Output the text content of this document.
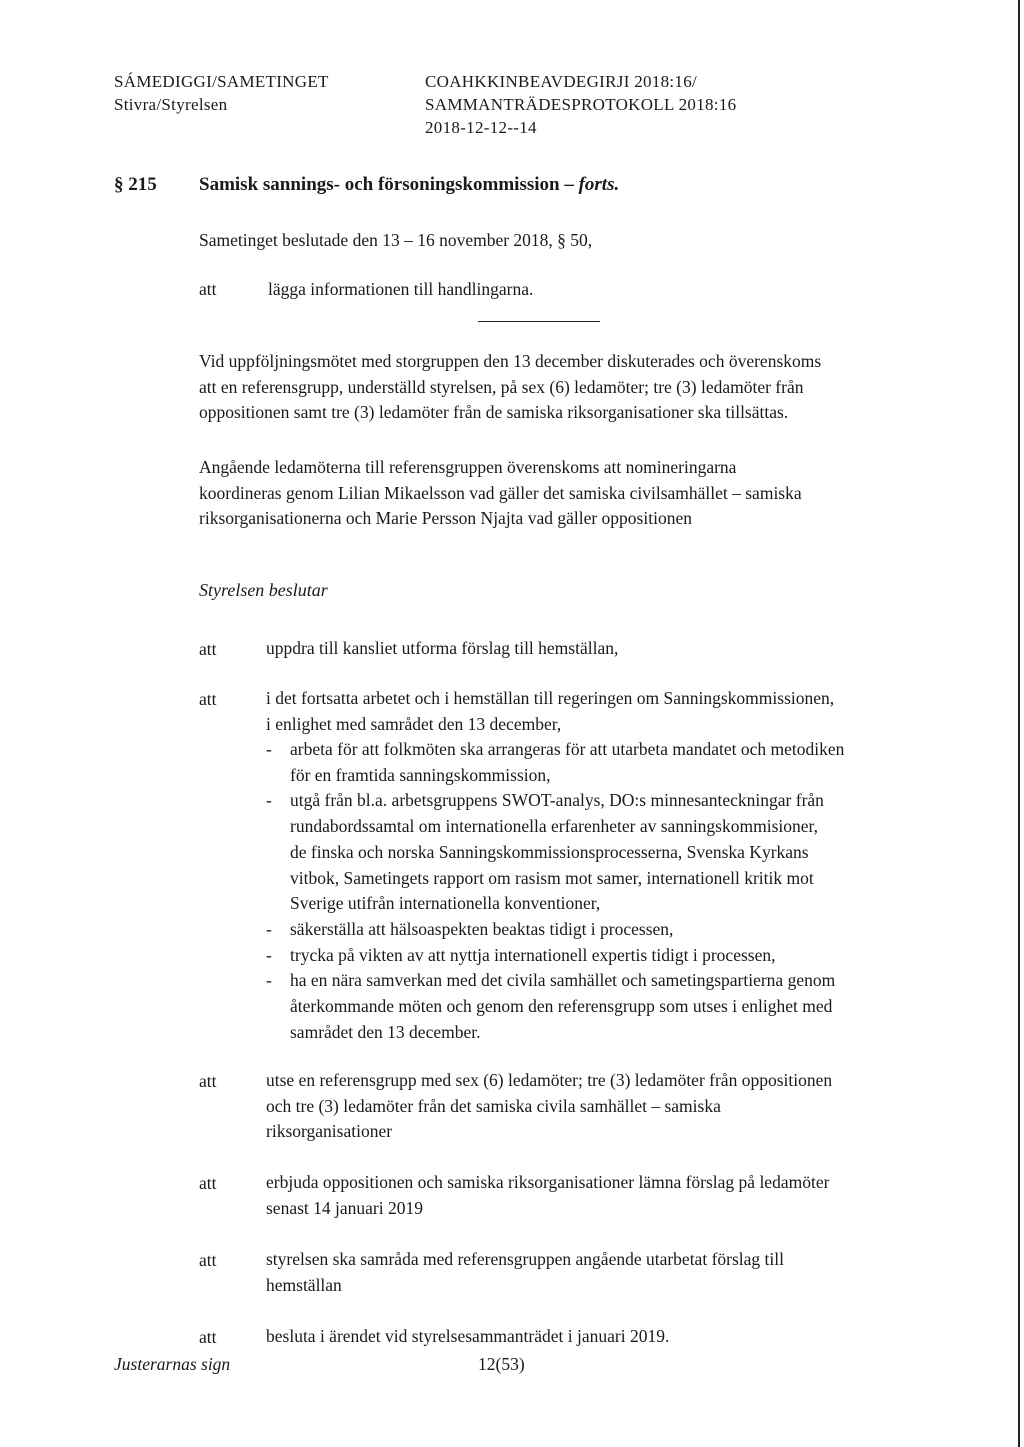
SÁMEDIGGI/SAMETINGET
Stivra/Styrelsen
COAHKKINBEAVDEGIRJI 2018:16/
SAMMANTRÄDESPROTOKOLL 2018:16
2018-12-12--14
§ 215 Samisk sannings- och försoningskommission – forts.
Sametinget beslutade den 13 – 16 november 2018, § 50,
att	lägga informationen till handlingarna.
Vid uppföljningsmötet med storgruppen den 13 december diskuterades och överenskoms
att en referensgrupp, underställd styrelsen, på sex (6) ledamöter; tre (3) ledamöter från
oppositionen samt tre (3) ledamöter från de samiska riksorganisationer ska tillsättas.
Angående ledamöterna till referensgruppen överenskoms att nomineringarna
koordineras genom Lilian Mikaelsson vad gäller det samiska civilsamhället – samiska
riksorganisationerna och Marie Persson Njajta vad gäller oppositionen
Styrelsen beslutar
att	uppdra till kansliet utforma förslag till hemställan,
att	i det fortsatta arbetet och i hemställan till regeringen om Sanningskommissionen,
i enlighet med samrådet den 13 december,
- arbeta för att folkmöten ska arrangeras för att utarbeta mandatet och metodiken
för en framtida sanningskommission,
- utgå från bl.a. arbetsgruppens SWOT-analys, DO:s minnesanteckningar från
rundabordssamtal om internationella erfarenheter av sanningskommisioner,
de finska och norska Sanningskommissionsprocesserna, Svenska Kyrkans
vitbok, Sametingets rapport om rasism mot samer, internationell kritik mot
Sverige utifrån internationella konventioner,
- säkerställa att hälsoaspekten beaktas tidigt i processen,
- trycka på vikten av att nyttja internationell expertis tidigt i processen,
- ha en nära samverkan med det civila samhället och sametingspartierna genom
återkommande möten och genom den referensgrupp som utses i enlighet med
samrådet den 13 december.
att	utse en referensgrupp med sex (6) ledamöter; tre (3) ledamöter från oppositionen
och tre (3) ledamöter från det samiska civila samhället – samiska
riksorganisationer
att	erbjuda oppositionen och samiska riksorganisationer lämna förslag på ledamöter
senast 14 januari 2019
att	styrelsen ska samråda med referensgruppen angående utarbetat förslag till
hemställan
att	besluta i ärendet vid styrelsesammanträdet i januari 2019.
Justerarnas sign	12(53)
